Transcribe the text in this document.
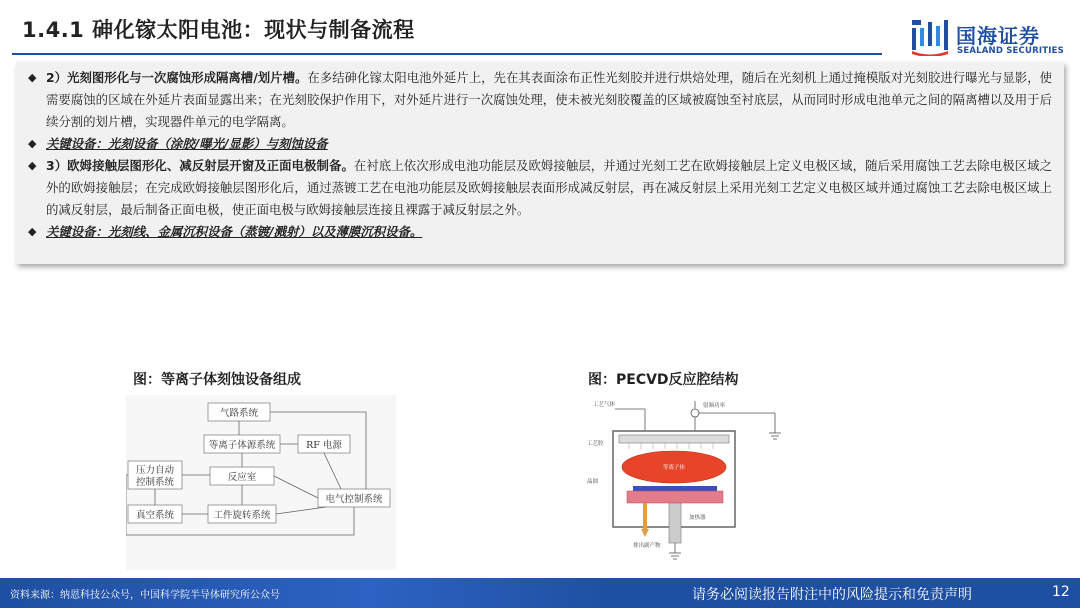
1.4.1 砷化镓太阳电池：现状与制备流程	国海证券
SEALAND SECURITIES
◆ 2）光刻图形化与一次腐蚀形成隔离槽/划片槽。在多结砷化镓太阳电池外延片上，先在其表面涂布正性光刻胶并进行烘焙处理，随后在光刻机上通过掩模版对光刻胶进行曝光与显影，使需要腐蚀的区域在外延片表面显露出来；在光刻胶保护作用下，对外延片进行一次腐蚀处理，使未被光刻胶覆盖的区域被腐蚀至衬底层，从而同时形成电池单元之间的隔离槽以及用于后续分割的划片槽，实现器件单元的电学隔离。
◆ 关键设备：光刻设备（涂胶/曝光/显影）与刻蚀设备
◆ 3）欧姆接触层图形化、减反射层开窗及正面电极制备。在衬底上依次形成电池功能层及欧姆接触层，并通过光刻工艺在欧姆接触层上定义电极区域，随后采用腐蚀工艺去除电极区域之外的欧姆接触层；在完成欧姆接触层图形化后，通过蒸镀工艺在电池功能层及欧姆接触层表面形成减反射层，再在减反射层上采用光刻工艺定义电极区域并通过腐蚀工艺去除电极区域上的减反射层，最后制备正面电极，使正面电极与欧姆接触层连接且裸露于减反射层之外。
◆ 关键设备：光刻线、金属沉积设备（蒸镀/溅射）以及薄膜沉积设备。
图：等离子体刻蚀设备组成	图：PECVD反应腔结构
气路系统
等离子体源系统	RF 电源
压力自动
控制系统	反应室
电气控制系统
真空系统	工件旋转系统
等离子体
工艺气体	射频功率
工艺腔
晶圆
加热器
排出副产物
资料来源：纳恩科技公众号，中国科学院半导体研究所公众号	请务必阅读报告附注中的风险提示和免责声明	12
